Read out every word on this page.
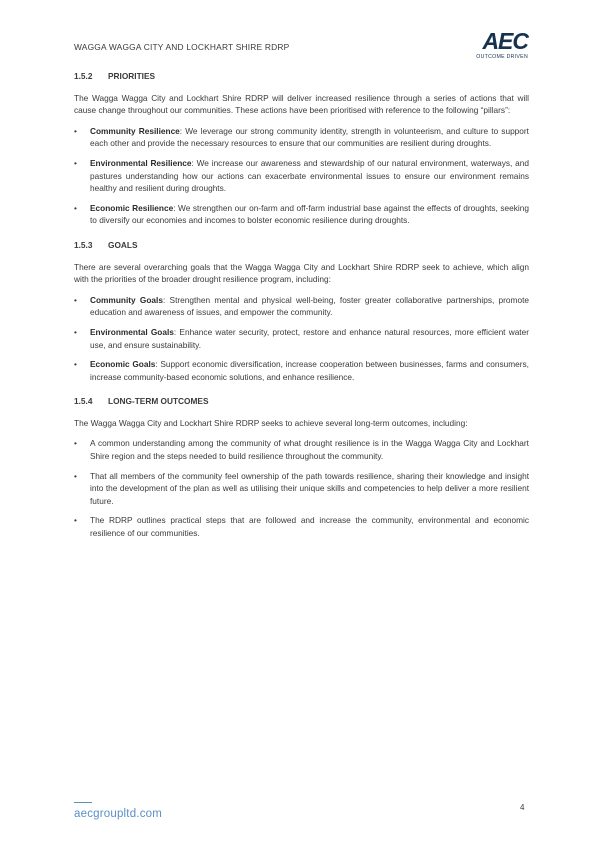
WAGGA WAGGA CITY AND LOCKHART SHIRE RDRP	AEC
OUTCOME DRIVEN
1.5.2	PRIORITIES

The Wagga Wagga City and Lockhart Shire RDRP will deliver increased resilience through a series of actions that will cause change throughout our communities. These actions have been prioritised with reference to the following “pillars”:

• Community Resilience: We leverage our strong community identity, strength in volunteerism, and culture to support each other and provide the necessary resources to ensure that our communities are resilient during droughts.
• Environmental Resilience: We increase our awareness and stewardship of our natural environment, waterways, and pastures understanding how our actions can exacerbate environmental issues to ensure our environment remains healthy and resilient during droughts.
• Economic Resilience: We strengthen our on-farm and off-farm industrial base against the effects of droughts, seeking to diversify our economies and incomes to bolster economic resilience during droughts.
1.5.3	GOALS

There are several overarching goals that the Wagga Wagga City and Lockhart Shire RDRP seek to achieve, which align with the priorities of the broader drought resilience program, including:

• Community Goals: Strengthen mental and physical well-being, foster greater collaborative partnerships, promote education and awareness of issues, and empower the community.
• Environmental Goals: Enhance water security, protect, restore and enhance natural resources, more efficient water use, and ensure sustainability.
• Economic Goals: Support economic diversification, increase cooperation between businesses, farms and consumers, increase community-based economic solutions, and enhance resilience.
1.5.4	LONG-TERM OUTCOMES

The Wagga Wagga City and Lockhart Shire RDRP seeks to achieve several long-term outcomes, including:

• A common understanding among the community of what drought resilience is in the Wagga Wagga City and Lockhart Shire region and the steps needed to build resilience throughout the community.
• That all members of the community feel ownership of the path towards resilience, sharing their knowledge and insight into the development of the plan as well as utilising their unique skills and competencies to help deliver a more resilient future.
• The RDRP outlines practical steps that are followed and increase the community, environmental and economic resilience of our communities.
aecgroupltd.com
4
